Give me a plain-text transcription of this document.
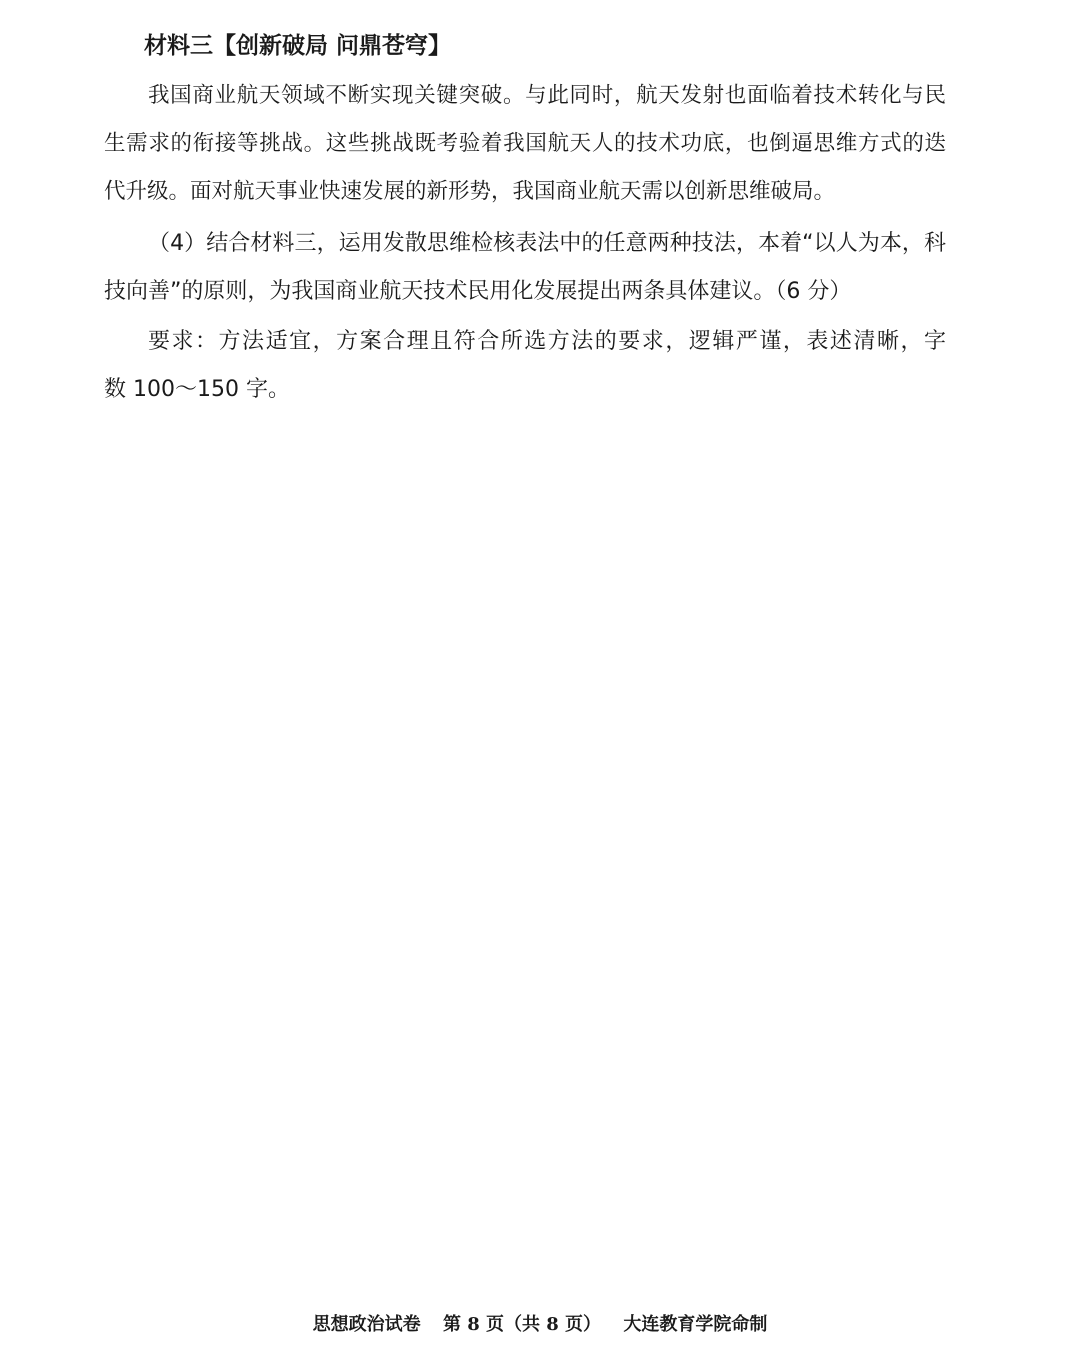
材料三【创新破局 问鼎苍穹】
我国商业航天领域不断实现关键突破。与此同时，航天发射也面临着技术转化与民
生需求的衔接等挑战。这些挑战既考验着我国航天人的技术功底，也倒逼思维方式的迭
代升级。面对航天事业快速发展的新形势，我国商业航天需以创新思维破局。
（4）结合材料三，运用发散思维检核表法中的任意两种技法，本着“以人为本，科
技向善”的原则，为我国商业航天技术民用化发展提出两条具体建议。（6 分）
要求：方法适宜，方案合理且符合所选方法的要求，逻辑严谨，表述清晰，字
数 100～150 字。
思想政治试卷 第 8 页（共 8 页） 大连教育学院命制
